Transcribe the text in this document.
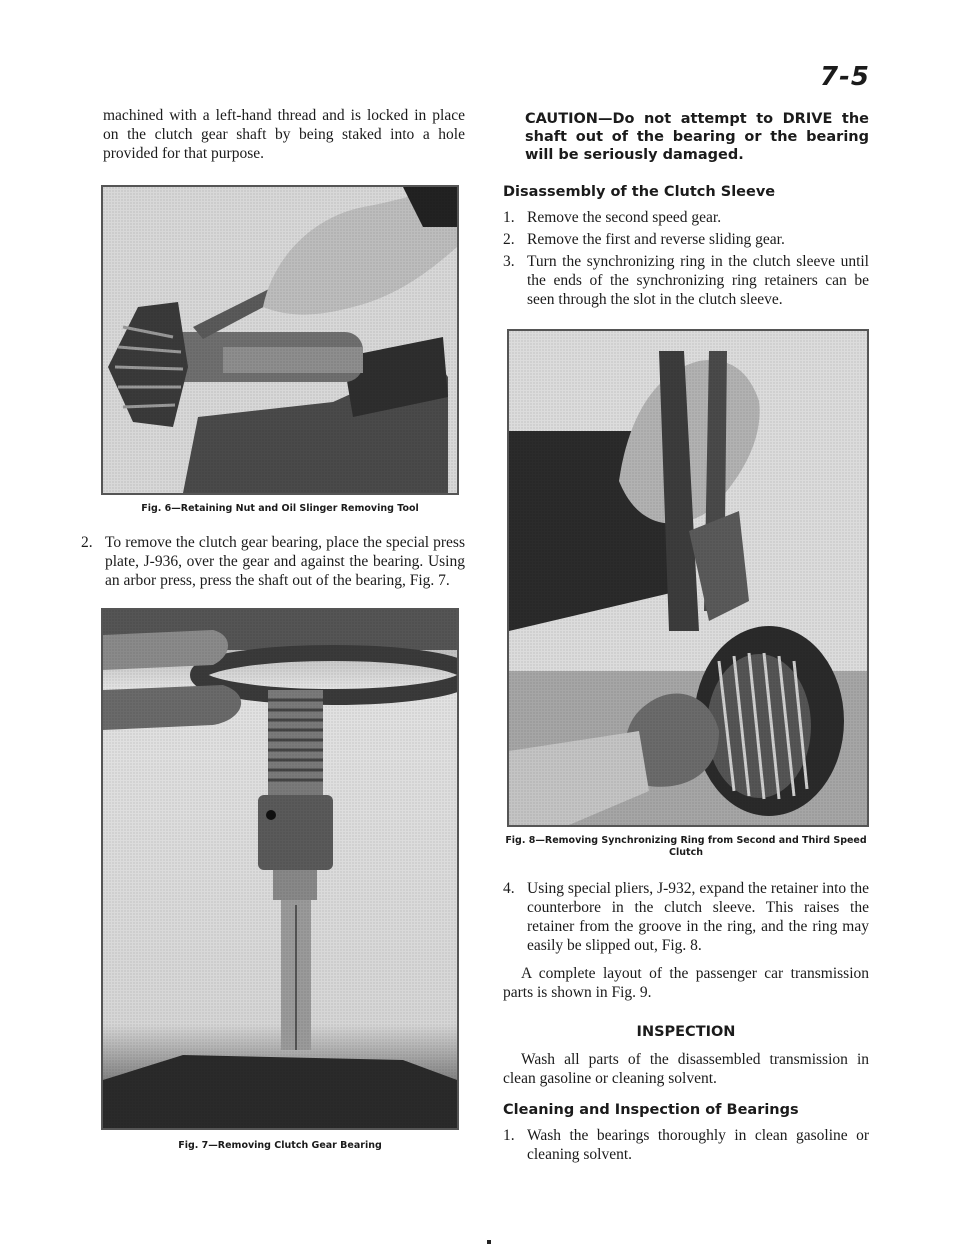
7-5

machined with a left-hand thread and is locked in place on the clutch gear shaft by being staked into a hole provided for that purpose.

Fig. 6—Retaining Nut and Oil Slinger Removing Tool
2. To remove the clutch gear bearing, place the special press plate, J-936, over the gear and against the bearing. Using an arbor press, press the shaft out of the bearing, Fig. 7.
Fig. 7—Removing Clutch Gear Bearing

CAUTION—Do not attempt to DRIVE the shaft out of the bearing or the bearing will be seriously damaged.

Disassembly of the Clutch Sleeve
1. Remove the second speed gear.
2. Remove the first and reverse sliding gear.
3. Turn the synchronizing ring in the clutch sleeve until the ends of the synchronizing ring retainers can be seen through the slot in the clutch sleeve.
Fig. 8—Removing Synchronizing Ring from Second and Third Speed Clutch
4. Using special pliers, J-932, expand the retainer into the counterbore in the clutch sleeve. This raises the retainer from the groove in the ring, and the ring may easily be slipped out, Fig. 8.

A complete layout of the passenger car transmission parts is shown in Fig. 9.

INSPECTION

Wash all parts of the disassembled transmission in clean gasoline or cleaning solvent.

Cleaning and Inspection of Bearings
1. Wash the bearings thoroughly in clean gasoline or cleaning solvent.
